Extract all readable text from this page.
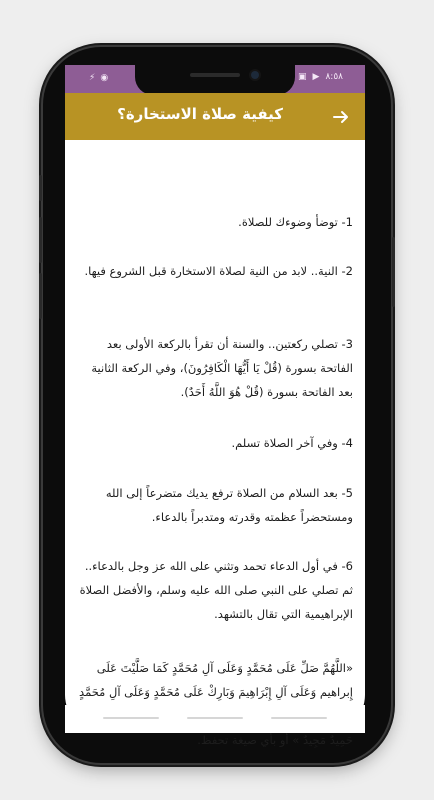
⚡ ◉	▣ ▶ ٨:٥٨
كيفية صلاة الاستخارة؟
1- توضأ وضوءك للصلاة.
2- النية.. لابد من النية لصلاة الاستخارة قبل الشروع فيها.
3- تصلي ركعتين.. والسنة أن تقرأ بالركعة الأولى بعد الفاتحة بسورة (قُلْ يَا أَيُّهَا الْكَافِرُونَ)، وفي الركعة الثانية بعد الفاتحة بسورة (قُلْ هُوَ اللَّهُ أَحَدٌ).
4- وفي آخر الصلاة تسلم.
5- بعد السلام من الصلاة ترفع يديك متضرعاً إلى الله ومستحضراً عظمته وقدرته ومتدبراً بالدعاء.
6- في أول الدعاء تحمد وتثني على الله عز وجل بالدعاء.. ثم تصلي على النبي صلى الله عليه وسلم، والأفضل الصلاة الإبراهيمية التي تقال بالتشهد.
«اللَّهُمَّ صَلِّ عَلَى مُحَمَّدٍ وَعَلَى آلِ مُحَمَّدٍ كَمَا صَلَّيْتَ عَلَى إِبراهيم وَعَلَى آلِ إِبْرَاهِيمَ وَبَارِكْ عَلَى مُحَمَّدٍ وَعَلَى آلِ مُحَمَّدٍ حَمِيدٌ مَجِيدٌ » أو بأي صيغة تحفظ.
